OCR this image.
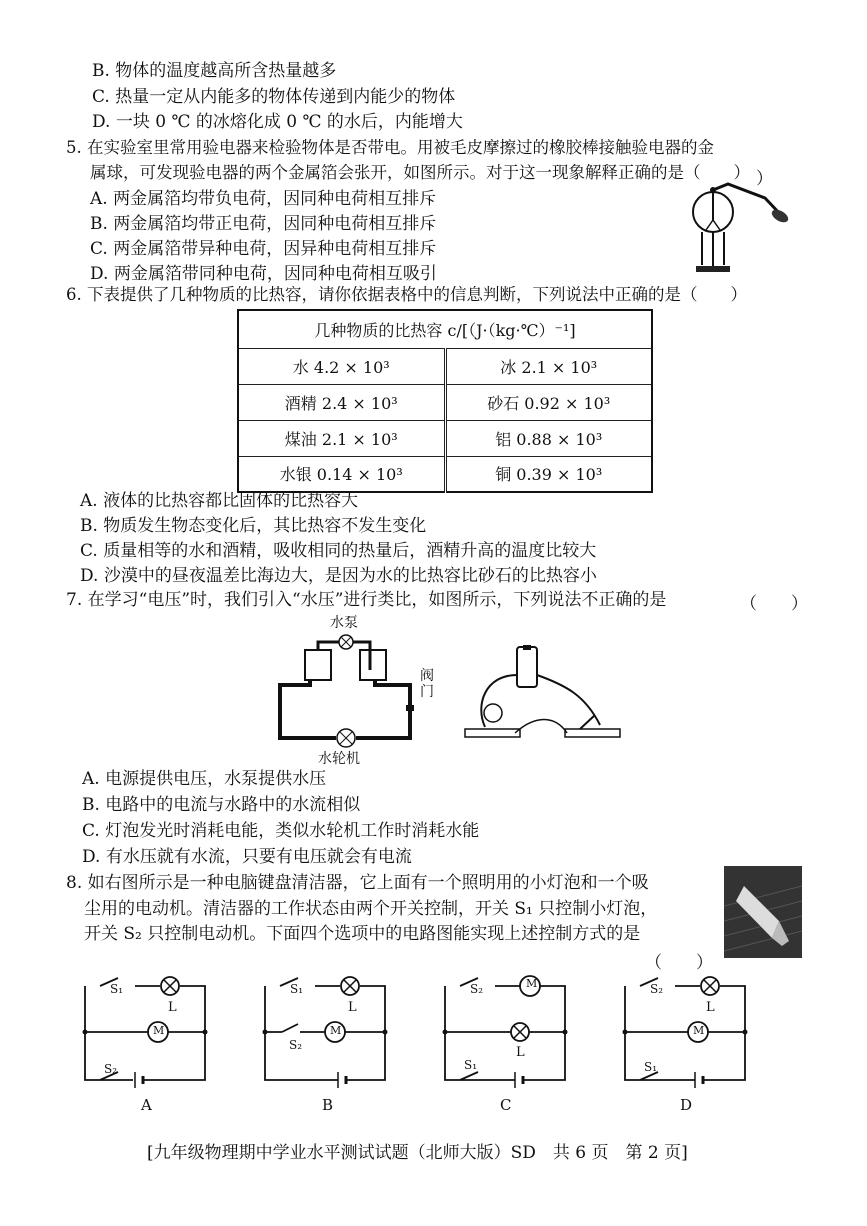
B. 物体的温度越高所含热量越多
C. 热量一定从内能多的物体传递到内能少的物体
D. 一块 0 ℃ 的冰熔化成 0 ℃ 的水后，内能增大
5. 在实验室里常用验电器来检验物体是否带电。用被毛皮摩擦过的橡胶棒接触验电器的金
属球，可发现验电器的两个金属箔会张开，如图所示。对于这一现象解释正确的是（　　）
A. 两金属箔均带负电荷，因同种电荷相互排斥
B. 两金属箔均带正电荷，因同种电荷相互排斥
C. 两金属箔带异种电荷，因异种电荷相互排斥
D. 两金属箔带同种电荷，因同种电荷相互吸引
）
6. 下表提供了几种物质的比热容，请你依据表格中的信息判断，下列说法中正确的是（　　）
几种物质的比热容 c/[（J·（kg·℃）⁻¹]	
水 4.2 × 10³	冰 2.1 × 10³
酒精 2.4 × 10³	砂石 0.92 × 10³
煤油 2.1 × 10³	铝 0.88 × 10³
水银 0.14 × 10³	铜 0.39 × 10³
A. 液体的比热容都比固体的比热容大
B. 物质发生物态变化后，其比热容不发生变化
C. 质量相等的水和酒精，吸收相同的热量后，酒精升高的温度比较大
D. 沙漠中的昼夜温差比海边大，是因为水的比热容比砂石的比热容小
7. 在学习“电压”时，我们引入“水压”进行类比，如图所示，下列说法不正确的是	（　　）
水泵
阀门
水轮机
A. 电源提供电压，水泵提供水压
B. 电路中的电流与水路中的水流相似
C. 灯泡发光时消耗电能，类似水轮机工作时消耗水能
D. 有水压就有水流，只要有电压就会有电流
8. 如右图所示是一种电脑键盘清洁器，它上面有一个照明用的小灯泡和一个吸
尘用的电动机。清洁器的工作状态由两个开关控制，开关 S₁ 只控制小灯泡，
开关 S₂ 只控制电动机。下面四个选项中的电路图能实现上述控制方式的是
（　　）
S₁
L
M
S₂
A
S₁
L
S₂
M
B
S₂	M
L
S₁
C
S₂
L
M
S₁
D
[九年级物理期中学业水平测试试题（北师大版）SD　共 6 页　第 2 页]
